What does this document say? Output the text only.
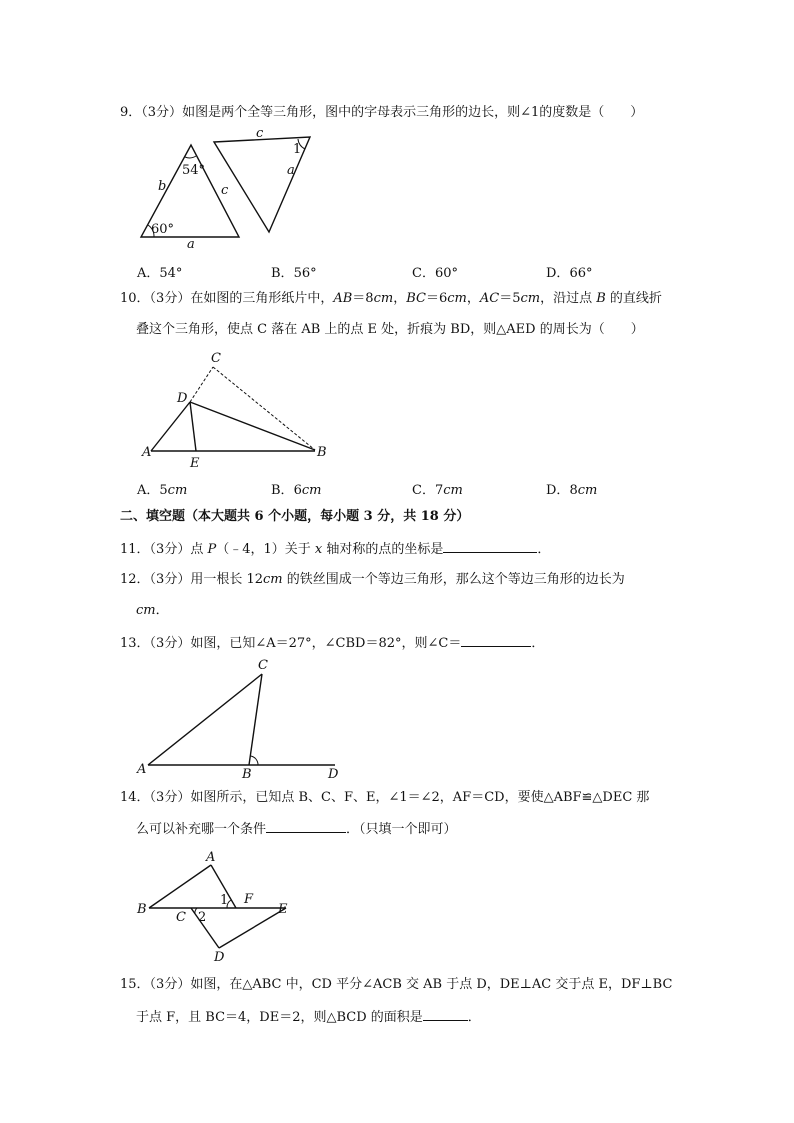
9．（3分）如图是两个全等三角形，图中的字母表示三角形的边长，则∠1的度数是（　　）
54°
60°
b	c
a
c
a
1
A．54°	B．56°	C．60°	D．66°
10．（3分）在如图的三角形纸片中，AB＝8cm，BC＝6cm，AC＝5cm，沿过点 B 的直线折
叠这个三角形，使点 C 落在 AB 上的点 E 处，折痕为 BD，则△AED 的周长为（　　）
C
D
A
E
B
A．5cm	B．6cm	C．7cm	D．8cm
二、填空题（本大题共 6 个小题，每小题 3 分，共 18 分）
11．（3分）点 P（﹣4，1）关于 x 轴对称的点的坐标是	．
12．（3分）用一根长 12cm 的铁丝围成一个等边三角形，那么这个等边三角形的边长为
cm．
13．（3分）如图，已知∠A＝27°，∠CBD＝82°，则∠C＝	．
C
A	B	D
14．（3分）如图所示，已知点 B、C、F、E，∠1＝∠2，AF＝CD，要使△ABF≌△DEC 那
么可以补充哪一个条件	．（只填一个即可）
A
B
C
F
E
D
1
2
15．（3分）如图，在△ABC 中，CD 平分∠ACB 交 AB 于点 D，DE⊥AC 交于点 E，DF⊥BC
于点 F，且 BC＝4，DE＝2，则△BCD 的面积是	．
